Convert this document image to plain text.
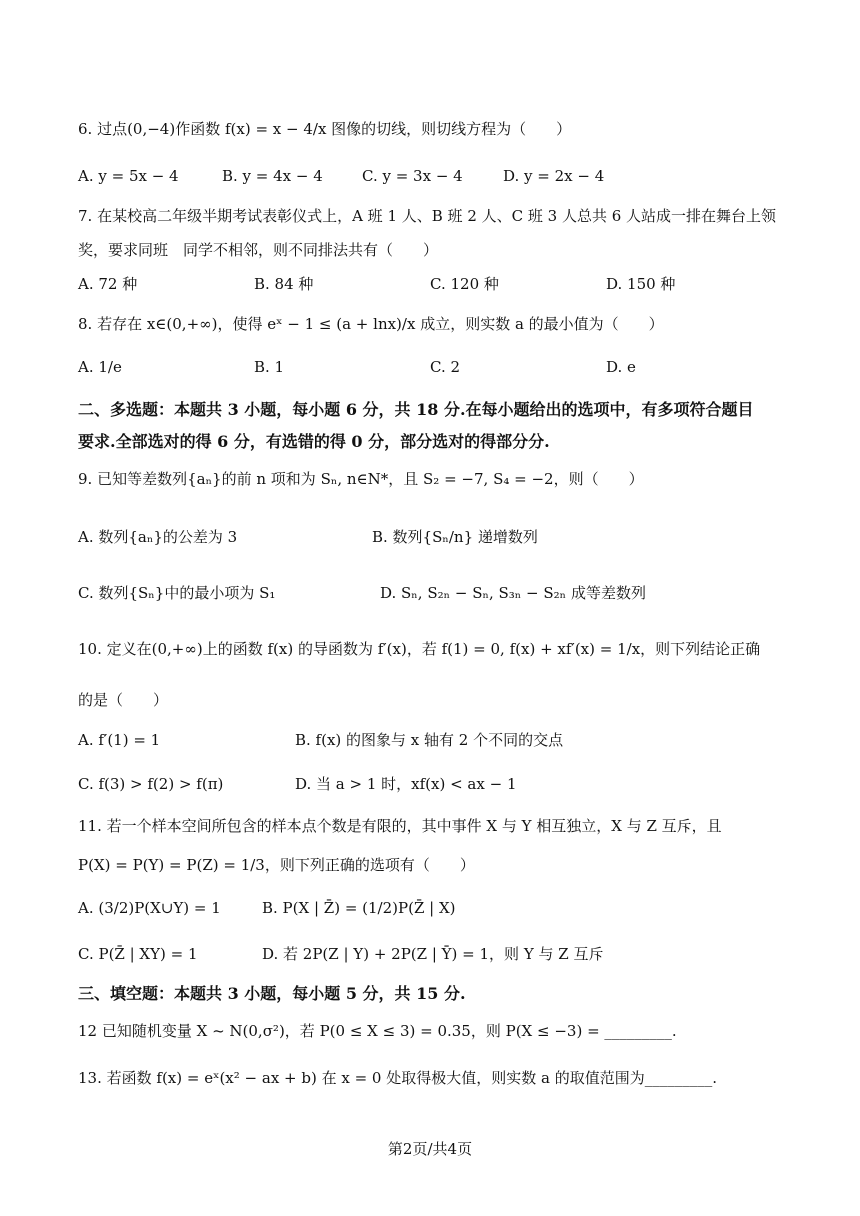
6. 过点(0,−4)作函数 f(x) = x − 4/x 图像的切线，则切线方程为（　　）
A. y = 5x − 4	B. y = 4x − 4	C. y = 3x − 4	D. y = 2x − 4
7. 在某校高二年级半期考试表彰仪式上，A 班 1 人、B 班 2 人、C 班 3 人总共 6 人站成一排在舞台上领
奖，要求同班　同学不相邻，则不同排法共有（　　）
A. 72 种	B. 84 种	C. 120 种	D. 150 种
8. 若存在 x∈(0,+∞)，使得 eˣ − 1 ≤ (a + lnx)/x 成立，则实数 a 的最小值为（　　）
A. 1/e	B. 1	C. 2	D. e
二、多选题：本题共 3 小题，每小题 6 分，共 18 分.在每小题给出的选项中，有多项符合题目
要求.全部选对的得 6 分，有选错的得 0 分，部分选对的得部分分.
9. 已知等差数列{aₙ}的前 n 项和为 Sₙ, n∈N*，且 S₂ = −7, S₄ = −2，则（　　）
A. 数列{aₙ}的公差为 3	B. 数列{Sₙ/n} 递增数列
C. 数列{Sₙ}中的最小项为 S₁	D. Sₙ, S₂ₙ − Sₙ, S₃ₙ − S₂ₙ 成等差数列
10. 定义在(0,+∞)上的函数 f(x) 的导函数为 f′(x)，若 f(1) = 0, f(x) + xf′(x) = 1/x，则下列结论正确
的是（　　）
A. f′(1) = 1	B. f(x) 的图象与 x 轴有 2 个不同的交点
C. f(3) > f(2) > f(π)	D. 当 a > 1 时，xf(x) < ax − 1
11. 若一个样本空间所包含的样本点个数是有限的，其中事件 X 与 Y 相互独立，X 与 Z 互斥，且
P(X) = P(Y) = P(Z) = 1/3，则下列正确的选项有（　　）
A. (3/2)P(X∪Y) = 1	B. P(X | Z̄) = (1/2)P(Z̄ | X)
C. P(Z̄ | XY) = 1	D. 若 2P(Z | Y) + 2P(Z | Ȳ) = 1，则 Y 与 Z 互斥
三、填空题：本题共 3 小题，每小题 5 分，共 15 分.
12 已知随机变量 X ~ N(0,σ²)，若 P(0 ≤ X ≤ 3) = 0.35，则 P(X ≤ −3) = _________.
13. 若函数 f(x) = eˣ(x² − ax + b) 在 x = 0 处取得极大值，则实数 a 的取值范围为_________.
第2页/共4页
